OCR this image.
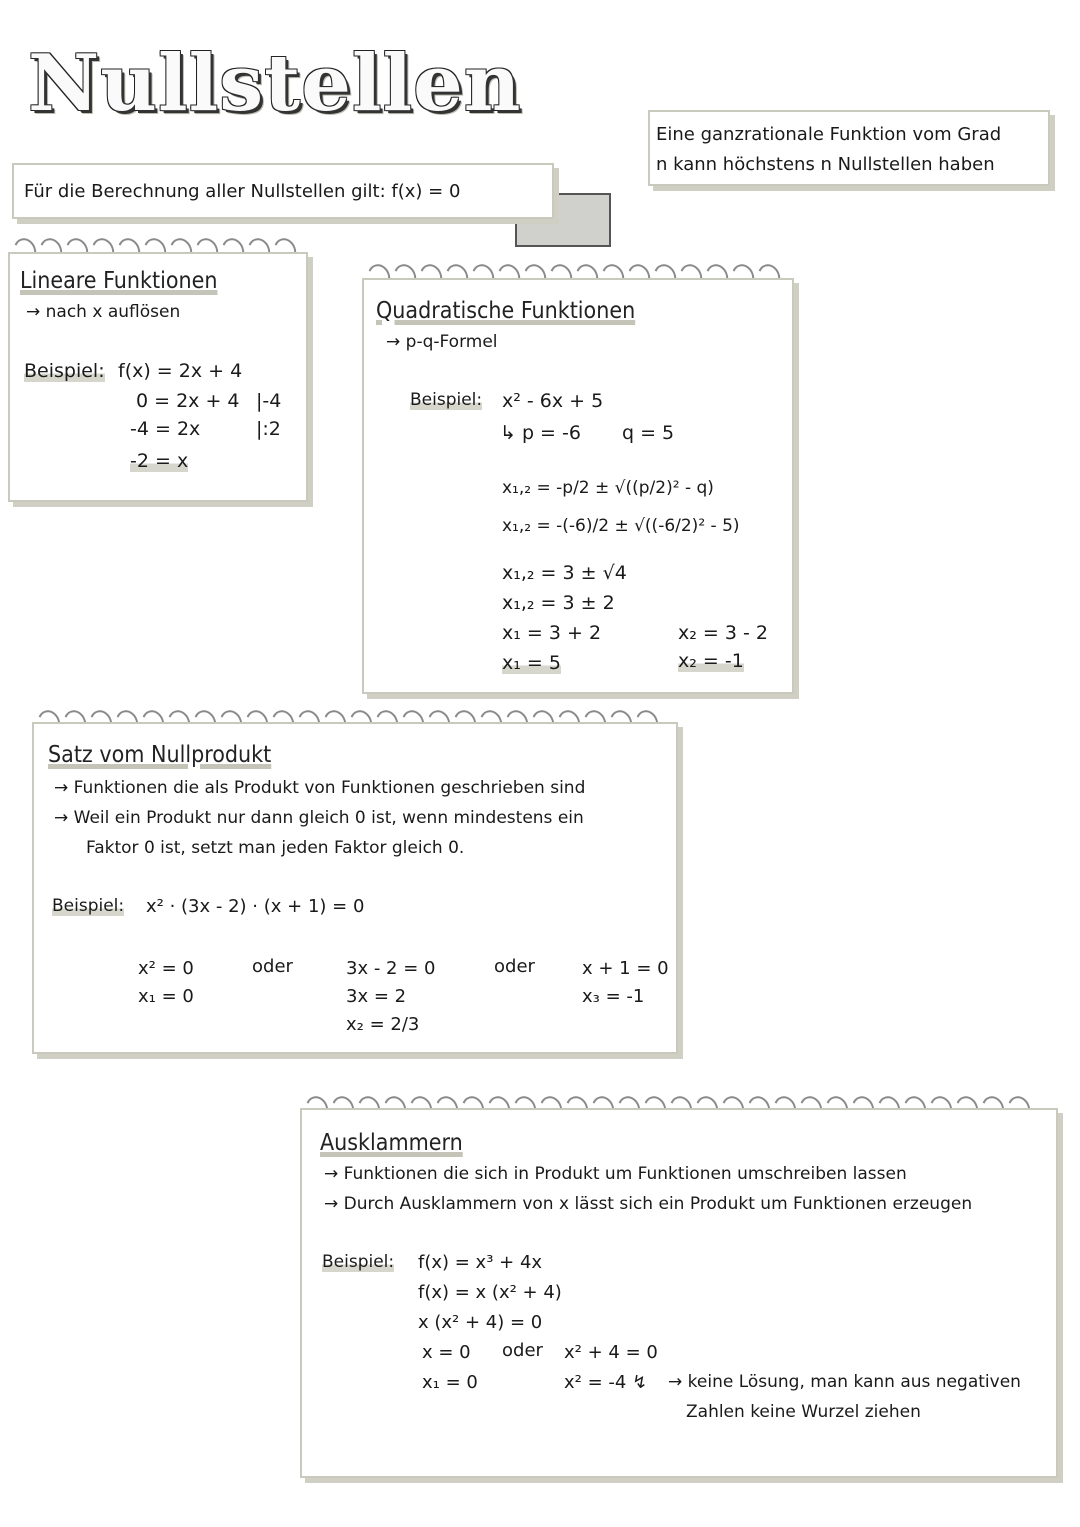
Nullstellen
Für die Berechnung aller Nullstellen gilt: f(x) = 0
Eine ganzrationale Funktion vom Grad
n kann höchstens n Nullstellen haben
Lineare Funktionen
→ nach x auflösen
Beispiel: f(x) = 2x + 4
0 = 2x + 4 |-4
-4 = 2x	|:2
-2 = x
Quadratische Funktionen
→ p-q-Formel
Beispiel: x² - 6x + 5
↳ p = -6 q = 5
x₁,₂ = -p/2 ± √((p/2)² - q)
x₁,₂ = -(-6)/2 ± √((-6/2)² - 5)
x₁,₂ = 3 ± √4
x₁,₂ = 3 ± 2
x₁ = 3 + 2
x₁ = 5
x₂ = 3 - 2
x₂ = -1
Satz vom Nullprodukt
→ Funktionen die als Produkt von Funktionen geschrieben sind
→ Weil ein Produkt nur dann gleich 0 ist, wenn mindestens ein
Faktor 0 ist, setzt man jeden Faktor gleich 0.
Beispiel: x² · (3x - 2) · (x + 1) = 0
x² = 0
x₁ = 0
oder	3x - 2 = 0
3x = 2
x₂ = 2/3
oder	x + 1 = 0
x₃ = -1
Ausklammern
→ Funktionen die sich in Produkt um Funktionen umschreiben lassen
→ Durch Ausklammern von x lässt sich ein Produkt um Funktionen erzeugen
Beispiel: f(x) = x³ + 4x
f(x) = x (x² + 4)
x (x² + 4) = 0
x = 0 oder x² + 4 = 0
x₁ = 0	x² = -4 ↯ → keine Lösung, man kann aus negativen
Zahlen keine Wurzel ziehen
